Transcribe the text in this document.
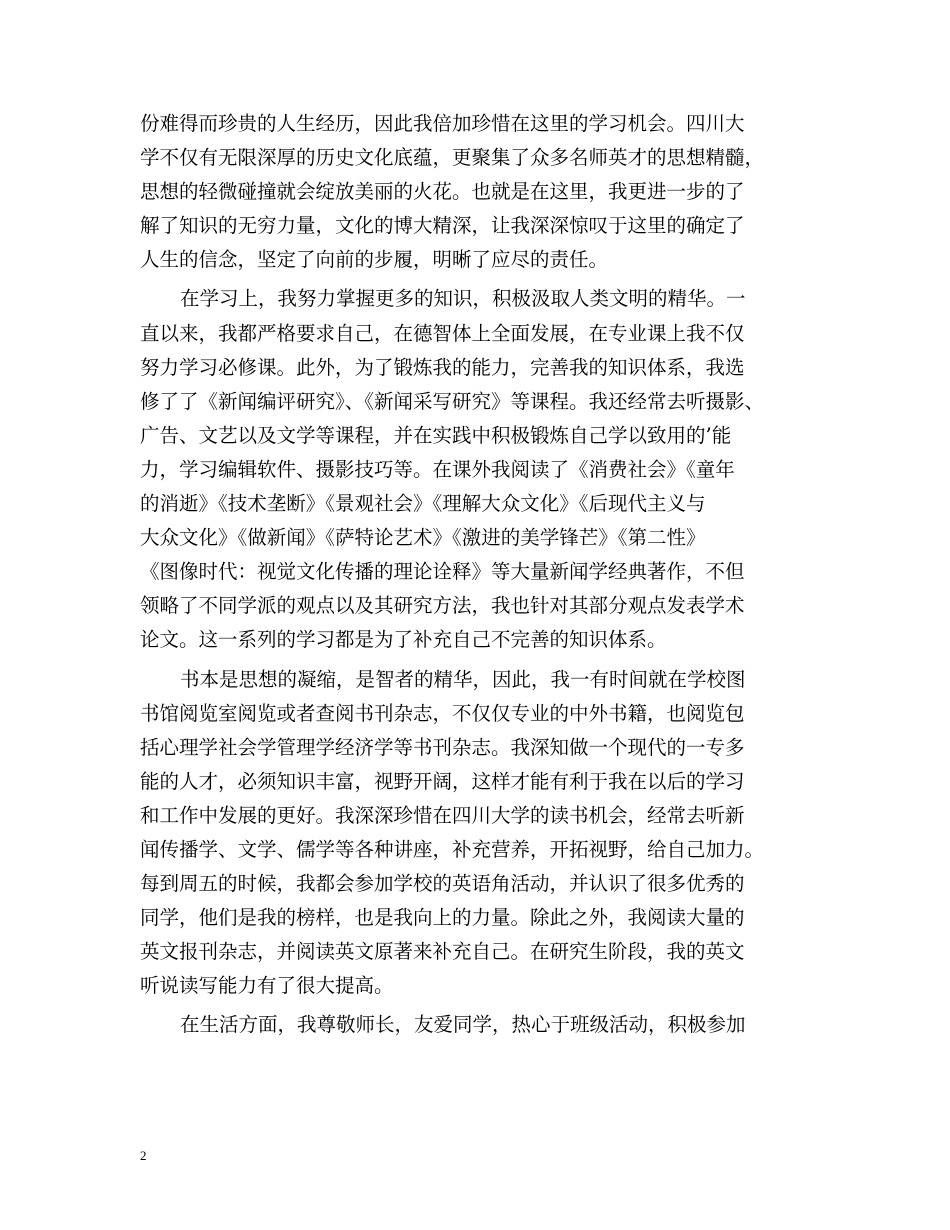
份难得而珍贵的人生经历，因此我倍加珍惜在这里的学习机会。四川大
学不仅有无限深厚的历史文化底蕴，更聚集了众多名师英才的思想精髓，
思想的轻微碰撞就会绽放美丽的火花。也就是在这里，我更进一步的了
解了知识的无穷力量，文化的博大精深，让我深深惊叹于这里的确定了
人生的信念，坚定了向前的步履，明晰了应尽的责任。

在学习上，我努力掌握更多的知识，积极汲取人类文明的精华。一
直以来，我都严格要求自己，在德智体上全面发展，在专业课上我不仅
努力学习必修课。此外，为了锻炼我的能力，完善我的知识体系，我选
修了了《新闻编评研究》、《新闻采写研究》等课程。我还经常去听摄影、
广告、文艺以及文学等课程，并在实践中积极锻炼自己学以致用的’能
力，学习编辑软件、摄影技巧等。在课外我阅读了《消费社会》《童年
的消逝》《技术垄断》《景观社会》《理解大众文化》《后现代主义与
大众文化》《做新闻》《萨特论艺术》《激进的美学锋芒》《第二性》
《图像时代：视觉文化传播的理论诠释》等大量新闻学经典著作，不但
领略了不同学派的观点以及其研究方法，我也针对其部分观点发表学术
论文。这一系列的学习都是为了补充自己不完善的知识体系。

书本是思想的凝缩，是智者的精华，因此，我一有时间就在学校图
书馆阅览室阅览或者查阅书刊杂志，不仅仅专业的中外书籍，也阅览包
括心理学社会学管理学经济学等书刊杂志。我深知做一个现代的一专多
能的人才，必须知识丰富，视野开阔，这样才能有利于我在以后的学习
和工作中发展的更好。我深深珍惜在四川大学的读书机会，经常去听新
闻传播学、文学、儒学等各种讲座，补充营养，开拓视野，给自己加力。
每到周五的时候，我都会参加学校的英语角活动，并认识了很多优秀的
同学，他们是我的榜样，也是我向上的力量。除此之外，我阅读大量的
英文报刊杂志，并阅读英文原著来补充自己。在研究生阶段，我的英文
听说读写能力有了很大提高。

在生活方面，我尊敬师长，友爱同学，热心于班级活动，积极参加

2
